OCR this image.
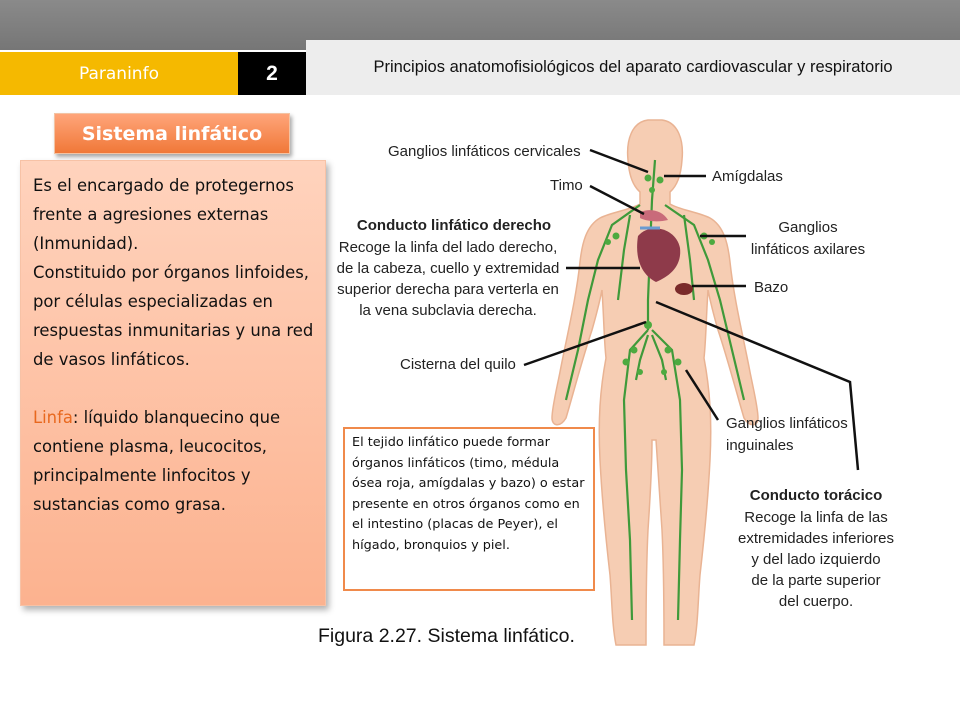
Paraninfo	2	Principios anatomofisiológicos del aparato cardiovascular y respiratorio
Sistema linfático

Es el encargado de protegernos frente a agresiones externas (Inmunidad).

Constituido por órganos linfoides, por células especializadas en respuestas inmunitarias y una red de vasos linfáticos.

Linfa: líquido blanquecino que contiene plasma, leucocitos, principalmente linfocitos y sustancias como grasa.

Ganglios linfáticos cervicales
Timo
Conducto linfático derecho
Recoge la linfa del lado derecho,
de la cabeza, cuello y extremidad
superior derecha para verterla en
la vena subclavia derecha.
Cisterna del quilo
Amígdalas
Ganglios
linfáticos axilares
Bazo
Ganglios linfáticos
inguinales
Conducto torácico
Recoge la linfa de las
extremidades inferiores
y del lado izquierdo
de la parte superior
del cuerpo.
El tejido linfático puede formar órganos linfáticos (timo, médula ósea roja, amígdalas y bazo) o estar presente en otros órganos como en el intestino (placas de Peyer), el hígado, bronquios y piel.
Figura 2.27. Sistema linfático.
